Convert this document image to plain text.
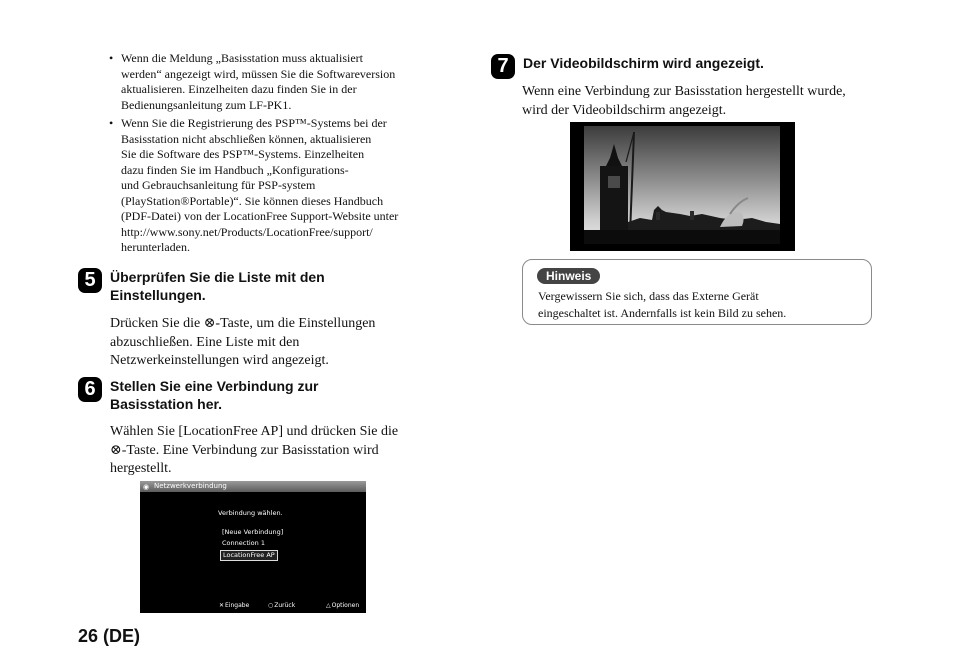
• Wenn die Meldung „Basisstation muss aktualisiert
werden“ angezeigt wird, müssen Sie die Softwareversion
aktualisieren. Einzelheiten dazu finden Sie in der
Bedienungsanleitung zum LF-PK1.
• Wenn Sie die Registrierung des PSP™-Systems bei der
Basisstation nicht abschließen können, aktualisieren
Sie die Software des PSP™-Systems. Einzelheiten
dazu finden Sie im Handbuch „Konfigurations-
und Gebrauchsanleitung für PSP-system
(PlayStation®Portable)“. Sie können dieses Handbuch
(PDF-Datei) von der LocationFree Support-Website unter
http://www.sony.net/Products/LocationFree/support/
herunterladen.
5	Überprüfen Sie die Liste mit den
Einstellungen.
Drücken Sie die ⊗-Taste, um die Einstellungen
abzuschließen. Eine Liste mit den
Netzwerkeinstellungen wird angezeigt.
6	Stellen Sie eine Verbindung zur
Basisstation her.
Wählen Sie [LocationFree AP] und drücken Sie die
⊗-Taste. Eine Verbindung zur Basisstation wird
hergestellt.
◉ Netzwerkverbindung
Verbindung wählen.
[Neue Verbindung]
Connection 1
LocationFree AP
✕Eingabe	○Zurück	△Optionen
7	Der Videobildschirm wird angezeigt.
Wenn eine Verbindung zur Basisstation hergestellt wurde,
wird der Videobildschirm angezeigt.
Hinweis
Vergewissern Sie sich, dass das Externe Gerät
eingeschaltet ist. Andernfalls ist kein Bild zu sehen.
26 (DE)
